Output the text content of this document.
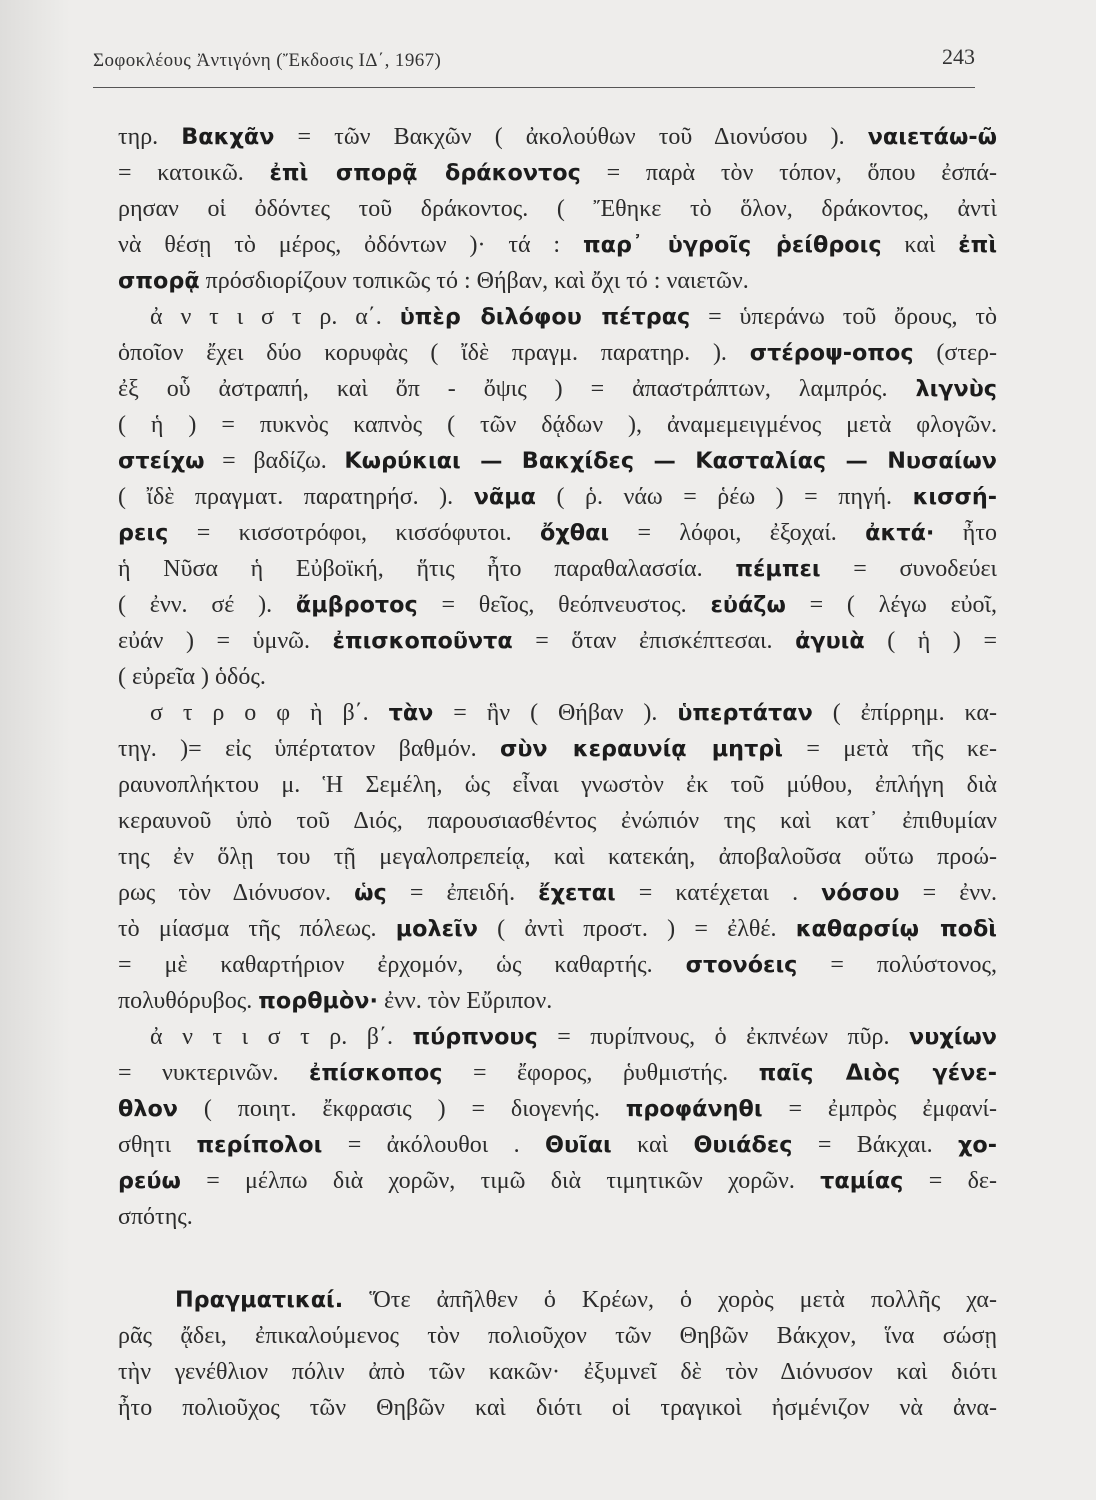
Σοφοκλέους Ἀντιγόνη (Ἔκδοσις ΙΔ΄, 1967)	243
τηρ. Βακχᾶν = τῶν Βακχῶν ( ἀκολούθων τοῦ Διονύσου ). ναιετάω-ῶ
= κατοικῶ. ἐπὶ σπορᾷ δράκοντος = παρὰ τὸν τόπον, ὅπου ἐσπά-
ρησαν οἱ ὀδόντες τοῦ δράκοντος. ( Ἔθηκε τὸ ὅλον, δράκοντος, ἀντὶ
νὰ θέσῃ τὸ μέρος, ὀδόντων )· τά : παρ᾽ ὑγροῖς ῥείθροις καὶ ἐπὶ
σπορᾷ πρόσδιορίζουν τοπικῶς τό : Θήβαν, καὶ ὄχι τό : ναιετῶν.
ἀ ν τ ι σ τ ρ. α΄. ὑπὲρ διλόφου πέτρας = ὑπεράνω τοῦ ὄρους, τὸ
ὁποῖον ἔχει δύο κορυφὰς ( ἴδὲ πραγμ. παρατηρ. ). στέροψ-οπος (στερ-
ἐξ οὗ ἀστραπή, καὶ ὄπ - ὄψις ) = ἀπαστράπτων, λαμπρός. λιγνὺς
( ἡ ) = πυκνὸς καπνὸς ( τῶν δᾴδων ), ἀναμεμειγμένος μετὰ φλογῶν.
στείχω = βαδίζω. Κωρύκιαι — Βακχίδες — Κασταλίας — Νυσαίων
( ἴδὲ πραγματ. παρατηρήσ. ). νᾶμα ( ῥ. νάω = ῥέω ) = πηγή. κισσή-
ρεις = κισσοτρόφοι, κισσόφυτοι. ὄχθαι = λόφοι, ἐξοχαί. ἀκτά· ἦτο
ἡ Νῦσα ἡ Εὐβοϊκή, ἥτις ἦτο παραθαλασσία. πέμπει = συνοδεύει
( ἐνν. σέ ). ἄμβροτος = θεῖος, θεόπνευστος. εὐάζω = ( λέγω εὐοῖ,
εὐάν ) = ὑμνῶ. ἐπισκοποῦντα = ὅταν ἐπισκέπτεσαι. ἀγυιὰ ( ἡ ) =
( εὐρεῖα ) ὁδός.
σ τ ρ ο φ ὴ β΄. τὰν = ἣν ( Θήβαν ). ὑπερτάταν ( ἐπίρρημ. κα-
τηγ. )= εἰς ὑπέρτατον βαθμόν. σὺν κεραυνίᾳ μητρὶ = μετὰ τῆς κε-
ραυνοπλήκτου μ. Ἡ Σεμέλη, ὡς εἶναι γνωστὸν ἐκ τοῦ μύθου, ἐπλήγη διὰ
κεραυνοῦ ὑπὸ τοῦ Διός, παρουσιασθέντος ἐνώπιόν της καὶ κατ᾽ ἐπιθυμίαν
της ἐν ὅλῃ του τῇ μεγαλοπρεπείᾳ, καὶ κατεκάη, ἀποβαλοῦσα οὕτω προώ-
ρως τὸν Διόνυσον. ὡς = ἐπειδή. ἔχεται = κατέχεται . νόσου = ἐνν.
τὸ μίασμα τῆς πόλεως. μολεῖν ( ἀντὶ προστ. ) = ἐλθέ. καθαρσίῳ ποδὶ
= μὲ καθαρτήριον ἐρχομόν, ὡς καθαρτής. στονόεις = πολύστονος,
πολυθόρυβος. πορθμὸν· ἐνν. τὸν Εὔριπον.
ἀ ν τ ι σ τ ρ. β΄. πύρπνους = πυρίπνους, ὁ ἐκπνέων πῦρ. νυχίων
= νυκτερινῶν. ἐπίσκοπος = ἔφορος, ῥυθμιστής. παῖς Διὸς γένε-
θλον ( ποιητ. ἔκφρασις ) = διογενής. προφάνηθι = ἐμπρὸς ἐμφανί-
σθητι περίπολοι = ἀκόλουθοι . Θυῖαι καὶ Θυιάδες = Βάκχαι. χο-
ρεύω = μέλπω διὰ χορῶν, τιμῶ διὰ τιμητικῶν χορῶν. ταμίας = δε-
σπότης.
Πραγματικαί. Ὅτε ἀπῆλθεν ὁ Κρέων, ὁ χορὸς μετὰ πολλῆς χα-
ρᾶς ᾄδει, ἐπικαλούμενος τὸν πολιοῦχον τῶν Θηβῶν Βάκχον, ἵνα σώσῃ
τὴν γενέθλιον πόλιν ἀπὸ τῶν κακῶν· ἐξυμνεῖ δὲ τὸν Διόνυσον καὶ διότι
ἦτο πολιοῦχος τῶν Θηβῶν καὶ διότι οἱ τραγικοὶ ἠσμένιζον νὰ ἀνα-
